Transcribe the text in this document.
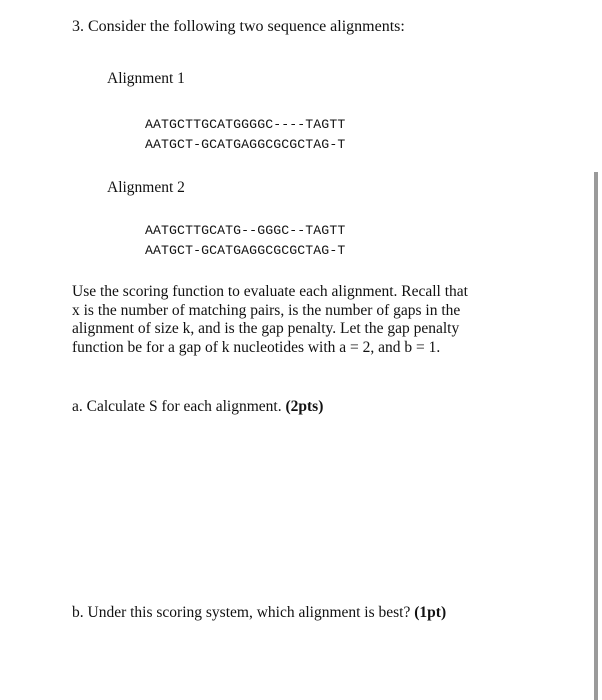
3. Consider the following two sequence alignments:
Alignment 1
AATGCTTGCATGGGGC----TAGTT
AATGCT-GCATGAGGCGCGCTAG-T
Alignment 2
AATGCTTGCATG--GGGC--TAGTT
AATGCT-GCATGAGGCGCGCTAG-T
Use the scoring function to evaluate each alignment. Recall that
x is the number of matching pairs, is the number of gaps in the
alignment of size k, and is the gap penalty. Let the gap penalty
function be for a gap of k nucleotides with a = 2, and b = 1.
a. Calculate S for each alignment. (2pts)
b. Under this scoring system, which alignment is best? (1pt)
